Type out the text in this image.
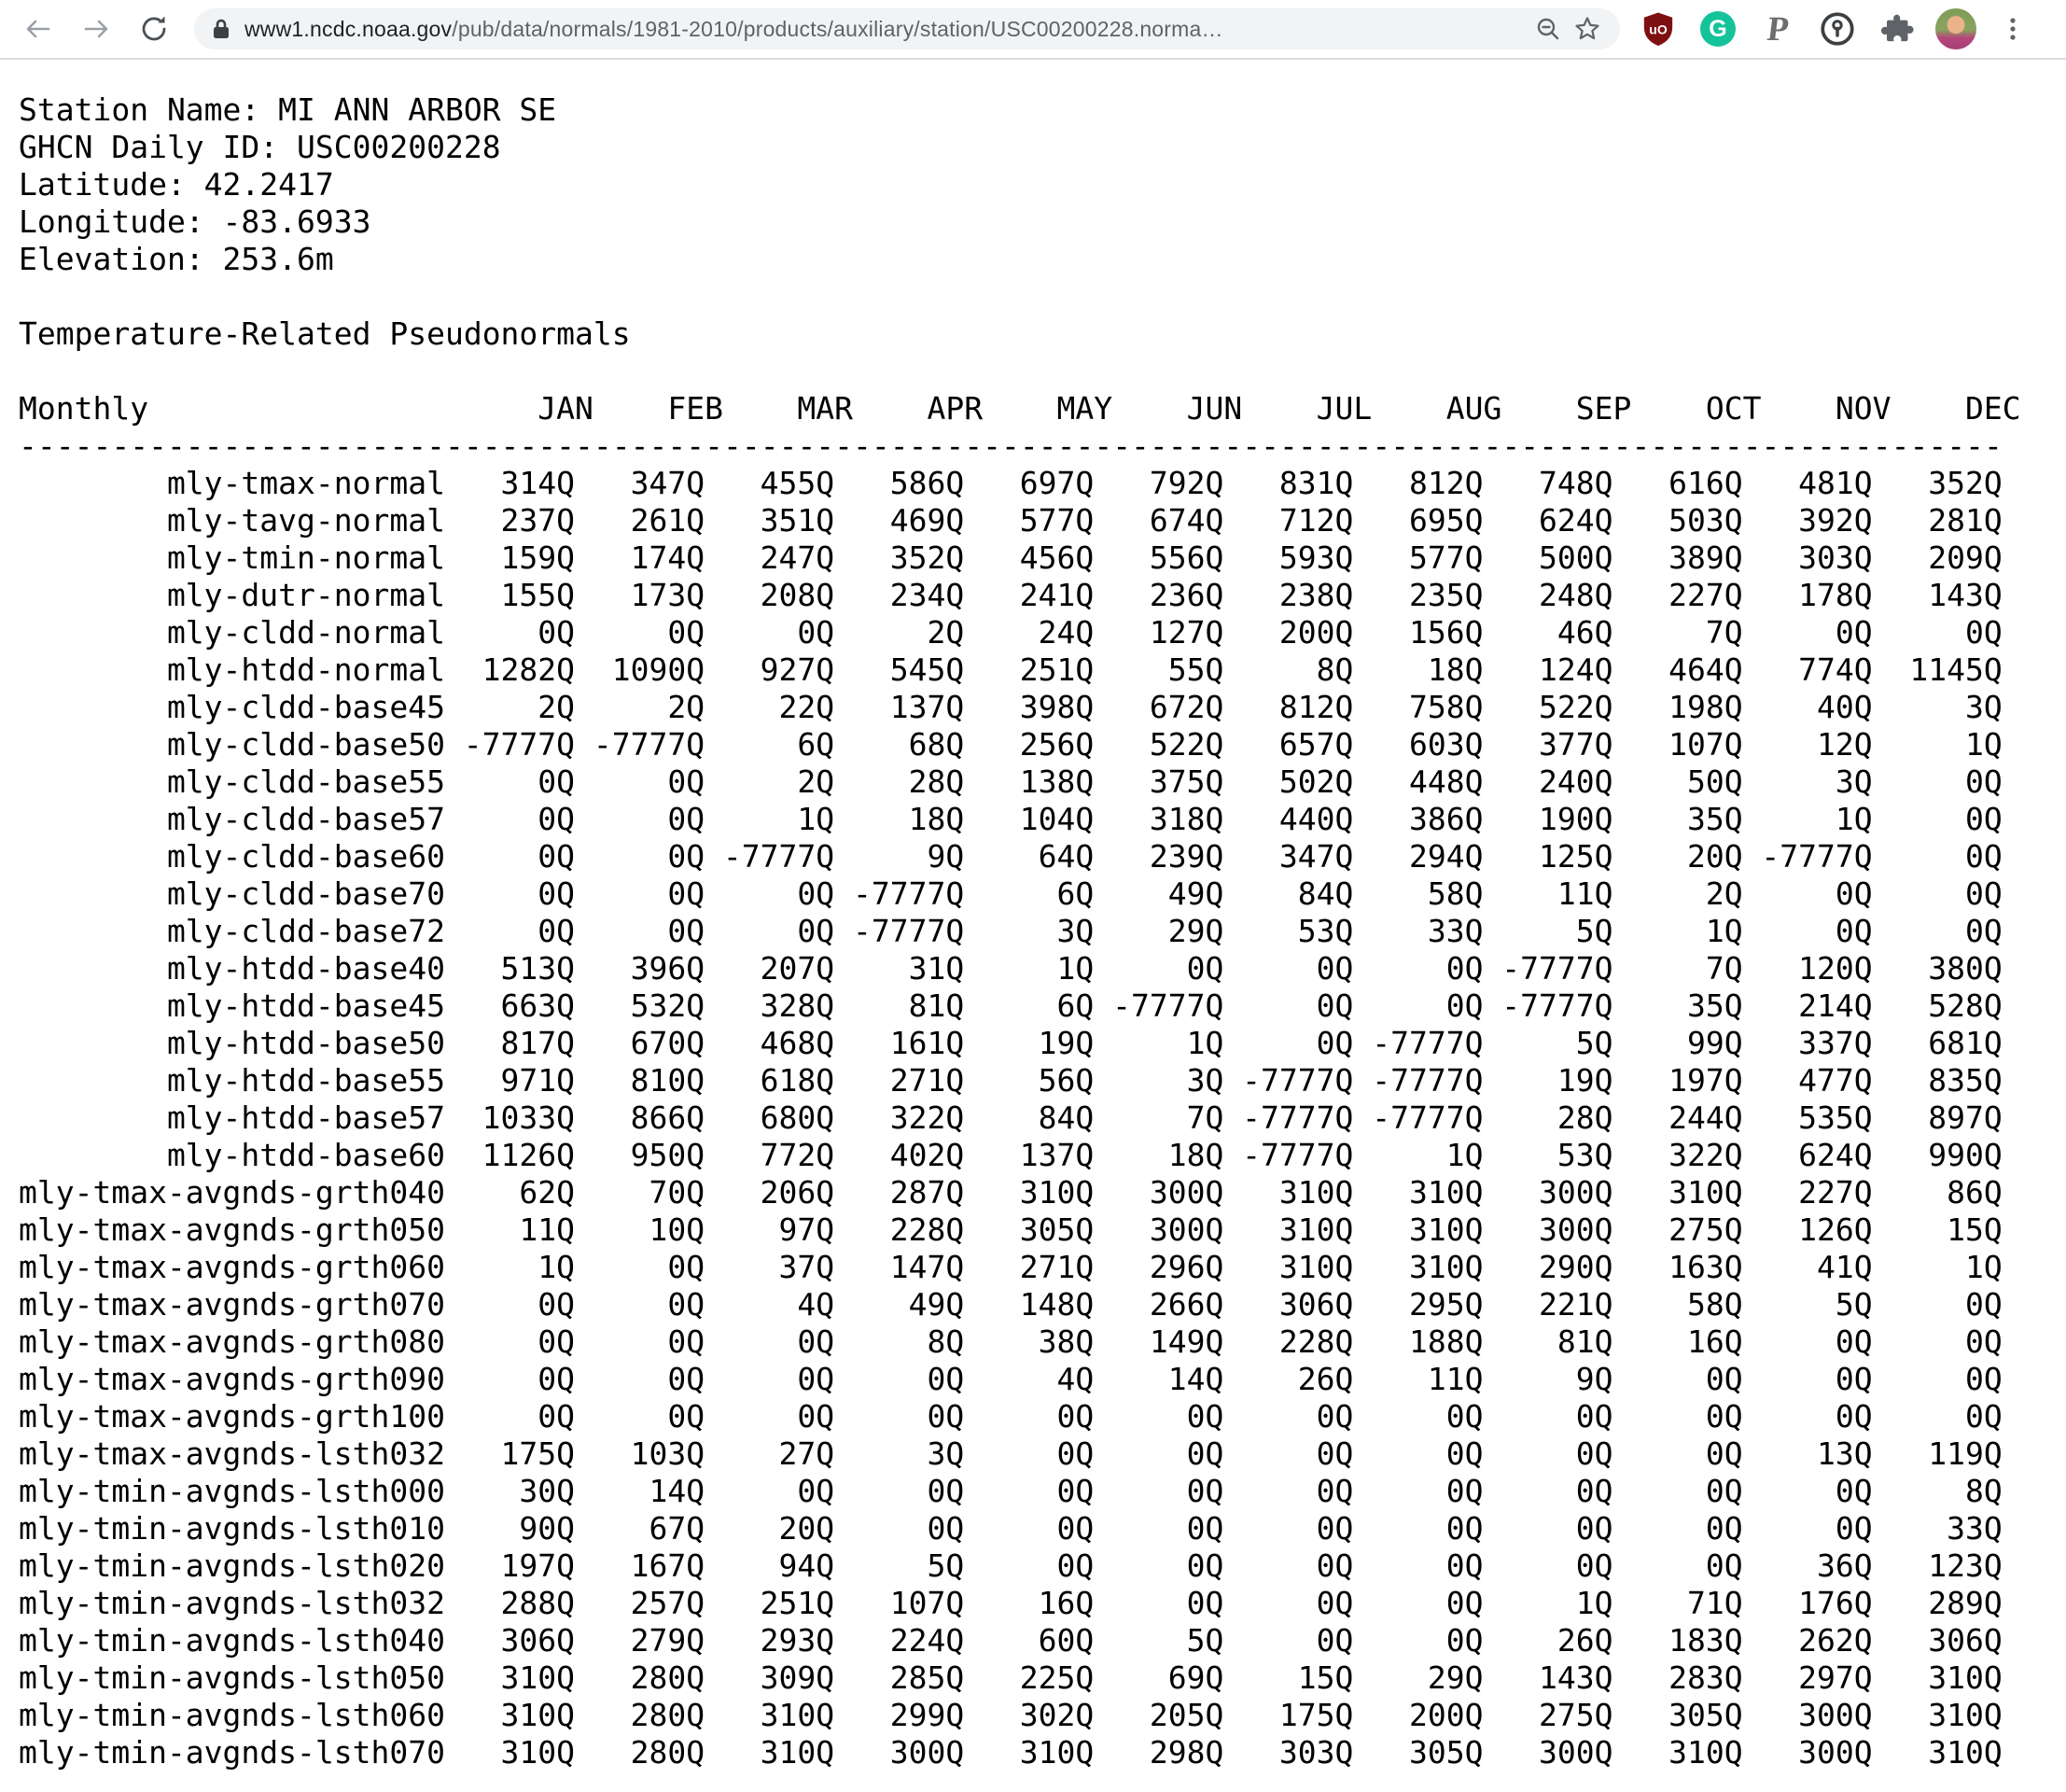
www1.ncdc.noaa.gov/pub/data/normals/1981-2010/products/auxiliary/station/USC00200228.norma…	uO G P
Station Name: MI ANN ARBOR SE
GHCN Daily ID: USC00200228
Latitude: 42.2417
Longitude: -83.6933
Elevation: 253.6m
Temperature-Related Pseudonormals
Monthly	JAN FEB MAR APR MAY JUN JUL AUG SEP OCT NOV DEC
-----------------------------------------------------------------------------------------------------------
mly-tmax-normal 314Q 347Q 455Q 586Q 697Q 792Q 831Q 812Q 748Q 616Q 481Q 352Q
mly-tavg-normal 237Q 261Q 351Q 469Q 577Q 674Q 712Q 695Q 624Q 503Q 392Q 281Q
mly-tmin-normal 159Q 174Q 247Q 352Q 456Q 556Q 593Q 577Q 500Q 389Q 303Q 209Q
mly-dutr-normal 155Q 173Q 208Q 234Q 241Q 236Q 238Q 235Q 248Q 227Q 178Q 143Q
mly-cldd-normal	0Q	0Q	0Q	2Q 24Q 127Q 200Q 156Q 46Q	7Q	0Q	0Q
mly-htdd-normal 1282Q 1090Q 927Q 545Q 251Q 55Q	8Q 18Q 124Q 464Q 774Q 1145Q
mly-cldd-base45	2Q	2Q 22Q 137Q 398Q 672Q 812Q 758Q 522Q 198Q 40Q	3Q
mly-cldd-base50 -7777Q -7777Q	6Q 68Q 256Q 522Q 657Q 603Q 377Q 107Q 12Q	1Q
mly-cldd-base55	0Q	0Q	2Q 28Q 138Q 375Q 502Q 448Q 240Q 50Q	3Q	0Q
mly-cldd-base57	0Q	0Q	1Q 18Q 104Q 318Q 440Q 386Q 190Q 35Q	1Q	0Q
mly-cldd-base60	0Q	0Q -7777Q	9Q 64Q 239Q 347Q 294Q 125Q 20Q -7777Q	0Q
mly-cldd-base70	0Q	0Q	0Q -7777Q	6Q 49Q 84Q 58Q 11Q	2Q	0Q	0Q
mly-cldd-base72	0Q	0Q	0Q -7777Q	3Q 29Q 53Q 33Q	5Q	1Q	0Q	0Q
mly-htdd-base40 513Q 396Q 207Q 31Q	1Q	0Q	0Q	0Q -7777Q	7Q 120Q 380Q
mly-htdd-base45 663Q 532Q 328Q 81Q	6Q -7777Q	0Q	0Q -7777Q 35Q 214Q 528Q
mly-htdd-base50 817Q 670Q 468Q 161Q 19Q	1Q	0Q -7777Q	5Q 99Q 337Q 681Q
mly-htdd-base55 971Q 810Q 618Q 271Q 56Q	3Q -7777Q -7777Q 19Q 197Q 477Q 835Q
mly-htdd-base57 1033Q 866Q 680Q 322Q 84Q	7Q -7777Q -7777Q 28Q 244Q 535Q 897Q
mly-htdd-base60 1126Q 950Q 772Q 402Q 137Q 18Q -7777Q	1Q 53Q 322Q 624Q 990Q
mly-tmax-avgnds-grth040 62Q 70Q 206Q 287Q 310Q 300Q 310Q 310Q 300Q 310Q 227Q 86Q
mly-tmax-avgnds-grth050 11Q 10Q 97Q 228Q 305Q 300Q 310Q 310Q 300Q 275Q 126Q 15Q
mly-tmax-avgnds-grth060	1Q	0Q 37Q 147Q 271Q 296Q 310Q 310Q 290Q 163Q 41Q	1Q
mly-tmax-avgnds-grth070	0Q	0Q	4Q 49Q 148Q 266Q 306Q 295Q 221Q 58Q	5Q	0Q
mly-tmax-avgnds-grth080	0Q	0Q	0Q	8Q 38Q 149Q 228Q 188Q 81Q 16Q	0Q	0Q
mly-tmax-avgnds-grth090	0Q	0Q	0Q	0Q	4Q 14Q 26Q 11Q	9Q	0Q	0Q	0Q
mly-tmax-avgnds-grth100	0Q	0Q	0Q	0Q	0Q	0Q	0Q	0Q	0Q	0Q	0Q	0Q
mly-tmax-avgnds-lsth032 175Q 103Q 27Q	3Q	0Q	0Q	0Q	0Q	0Q	0Q 13Q 119Q
mly-tmin-avgnds-lsth000 30Q 14Q	0Q	0Q	0Q	0Q	0Q	0Q	0Q	0Q	0Q	8Q
mly-tmin-avgnds-lsth010 90Q 67Q 20Q	0Q	0Q	0Q	0Q	0Q	0Q	0Q	0Q 33Q
mly-tmin-avgnds-lsth020 197Q 167Q 94Q	5Q	0Q	0Q	0Q	0Q	0Q	0Q 36Q 123Q
mly-tmin-avgnds-lsth032 288Q 257Q 251Q 107Q 16Q	0Q	0Q	0Q	1Q 71Q 176Q 289Q
mly-tmin-avgnds-lsth040 306Q 279Q 293Q 224Q 60Q	5Q	0Q	0Q 26Q 183Q 262Q 306Q
mly-tmin-avgnds-lsth050 310Q 280Q 309Q 285Q 225Q 69Q 15Q 29Q 143Q 283Q 297Q 310Q
mly-tmin-avgnds-lsth060 310Q 280Q 310Q 299Q 302Q 205Q 175Q 200Q 275Q 305Q 300Q 310Q
mly-tmin-avgnds-lsth070 310Q 280Q 310Q 300Q 310Q 298Q 303Q 305Q 300Q 310Q 300Q 310Q
